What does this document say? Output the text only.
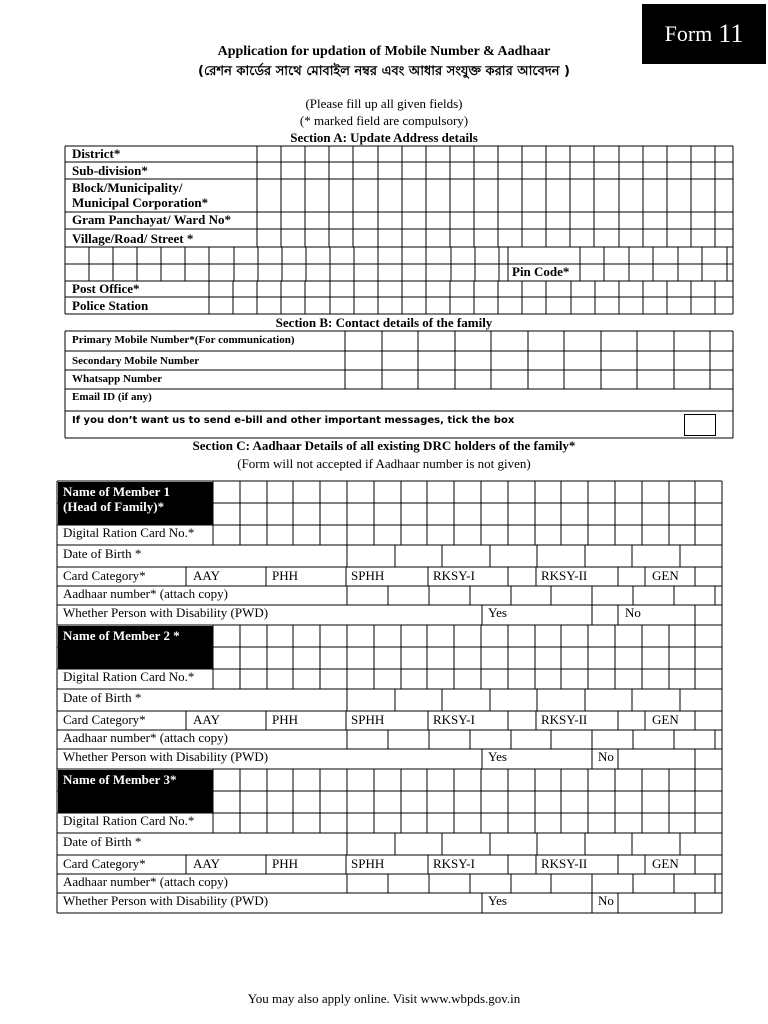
Form 11
Application for updation of Mobile Number & Aadhaar
(রেশন কার্ডের সাথে মোবাইল নম্বর এবং আধার সংযুক্ত করার আবেদন )
(Please fill up all given fields)
(* marked field are compulsory)
Section A: Update Address details
District*
Sub-division*
Block/Municipality/
Municipal Corporation*
Gram Panchayat/ Ward No*
Village/Road/ Street *
Pin Code*
Post Office*
Police Station
Section B: Contact details of the family
Primary Mobile Number*(For communication)
Secondary Mobile Number
Whatsapp Number
Email ID (if any)
If you don’t want us to send e-bill and other important messages, tick the box
Section C: Aadhaar Details of all existing DRC holders of the family*
(Form will not accepted if Aadhaar number is not given)
Name of Member 1
(Head of Family)*
Digital Ration Card No.*
Date of Birth *
Card Category*	AAY	PHH	SPHH	RKSY-I	RKSY-II	GEN
Aadhaar number* (attach copy)
Whether Person with Disability (PWD)	Yes	No
Name of Member 2 *
Digital Ration Card No.*
Date of Birth *
Card Category*	AAY	PHH	SPHH	RKSY-I	RKSY-II	GEN
Aadhaar number* (attach copy)
Whether Person with Disability (PWD)	Yes	No
Name of Member 3*
Digital Ration Card No.*
Date of Birth *
Card Category*	AAY	PHH	SPHH	RKSY-I	RKSY-II	GEN
Aadhaar number* (attach copy)
Whether Person with Disability (PWD)	Yes	No
You may also apply online. Visit www.wbpds.gov.in
